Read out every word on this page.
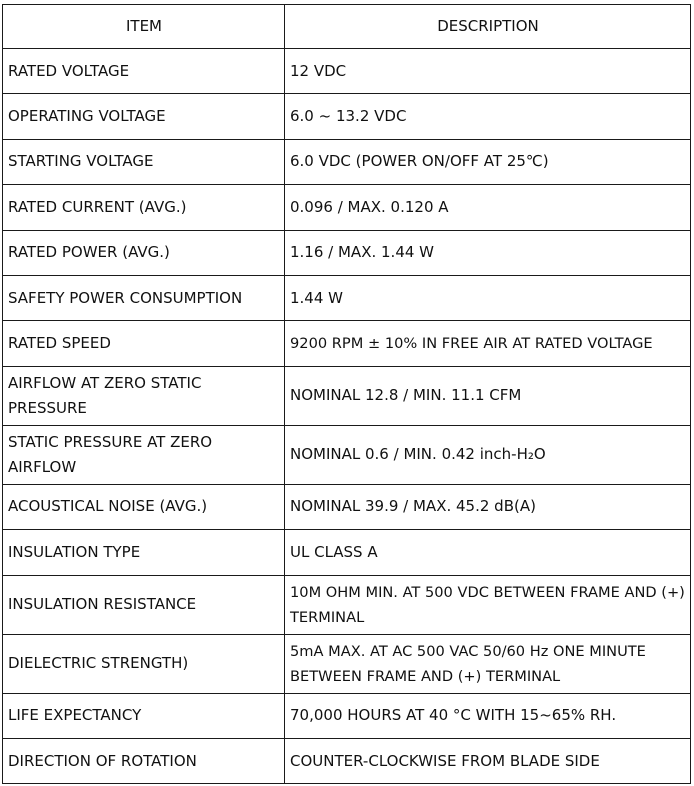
ITEM	DESCRIPTION
RATED VOLTAGE	12 VDC
OPERATING VOLTAGE	6.0 ~ 13.2 VDC
STARTING VOLTAGE	6.0 VDC (POWER ON/OFF AT 25℃)
RATED CURRENT (AVG.)	0.096 / MAX. 0.120 A
RATED POWER (AVG.)	1.16 / MAX. 1.44 W
SAFETY POWER CONSUMPTION	1.44 W
RATED SPEED	9200 RPM ± 10% IN FREE AIR AT RATED VOLTAGE
AIRFLOW AT ZERO STATIC PRESSURE	NOMINAL 12.8 / MIN. 11.1 CFM
STATIC PRESSURE AT ZERO AIRFLOW	NOMINAL 0.6 / MIN. 0.42 inch-H₂O
ACOUSTICAL NOISE (AVG.)	NOMINAL 39.9 / MAX. 45.2 dB(A)
INSULATION TYPE	UL CLASS A
INSULATION RESISTANCE	10M OHM MIN. AT 500 VDC BETWEEN FRAME AND (+) TERMINAL
DIELECTRIC STRENGTH)	5mA MAX. AT AC 500 VAC 50/60 Hz ONE MINUTE BETWEEN FRAME AND (+) TERMINAL
LIFE EXPECTANCY	70,000 HOURS AT 40 °C WITH 15~65% RH.
DIRECTION OF ROTATION	COUNTER-CLOCKWISE FROM BLADE SIDE
